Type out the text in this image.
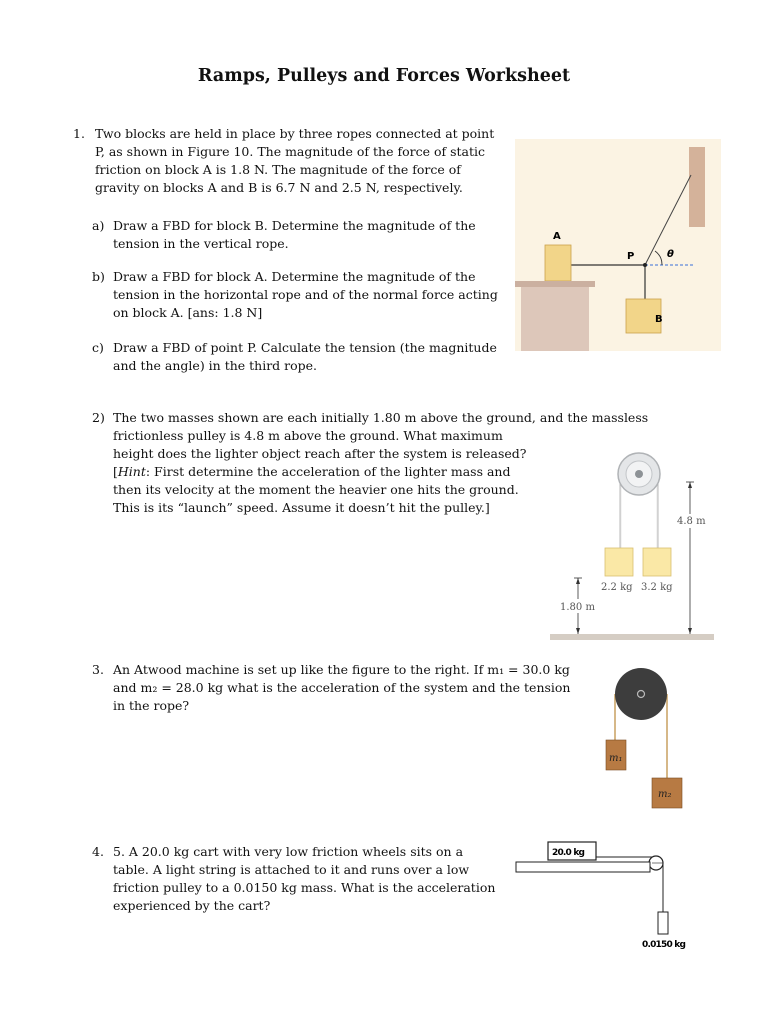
Ramps, Pulleys and Forces Worksheet
1. Two blocks are held in place by three ropes connected at point P, as shown in Figure 10. The magnitude of the force of static friction on block A is 1.8 N. The magnitude of the force of gravity on blocks A and B is 6.7 N and 2.5 N, respectively.
a) Draw a FBD for block B. Determine the magnitude of the tension in the vertical rope.
b) Draw a FBD for block A. Determine the magnitude of the tension in the horizontal rope and of the normal force acting on block A. [ans: 1.8 N]
c) Draw a FBD of point P. Calculate the tension (the magnitude and the angle) in the third rope.
θ
P
A
B
2) The two masses shown are each initially 1.80 m above the ground, and the massless
frictionless pulley is 4.8 m above the ground. What maximum
height does the lighter object reach after the system is released?
[Hint: First determine the acceleration of the lighter mass and
then its velocity at the moment the heavier one hits the ground.
This is its “launch” speed. Assume it doesn’t hit the pulley.]
2.2 kg 3.2 kg
4.8 m
1.80 m
3. An Atwood machine is set up like the figure to the right. If m₁ = 30.0 kg
and m₂ = 28.0 kg what is the acceleration of the system and the tension
in the rope?
m₁
m₂
4. 5. A 20.0 kg cart with very low friction wheels sits on a
table. A light string is attached to it and runs over a low
friction pulley to a 0.0150 kg mass. What is the acceleration
experienced by the cart?
20.0 kg
0.0150 kg
